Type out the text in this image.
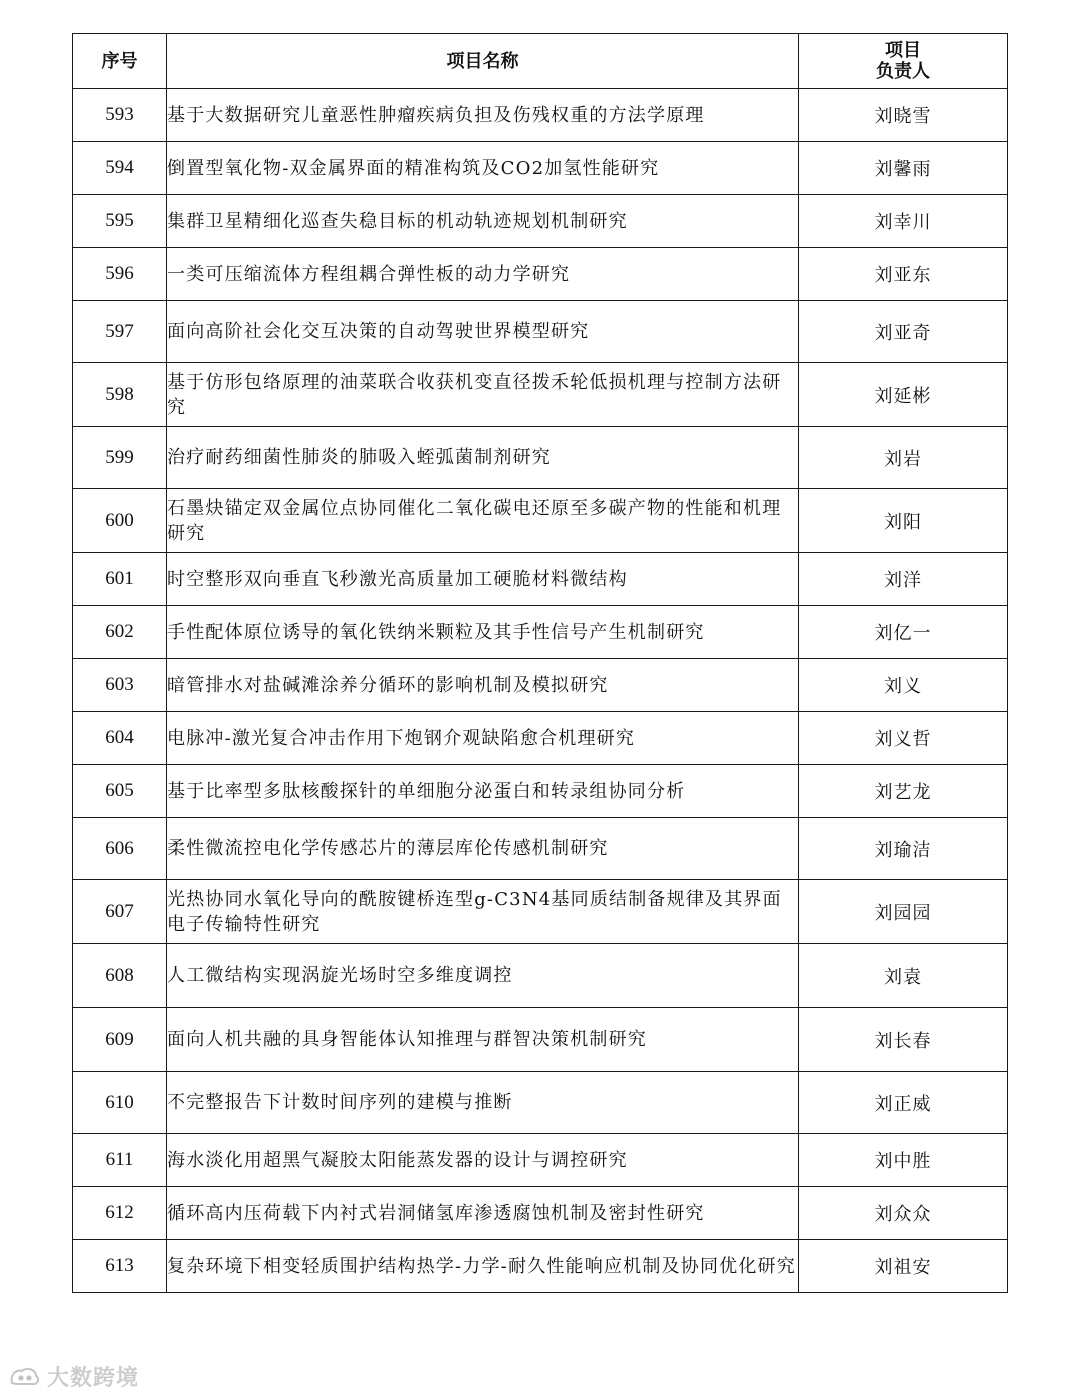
序号	项目名称	项目
负责人

593	基于大数据研究儿童恶性肿瘤疾病负担及伤残权重的方法学原理	刘晓雪
594	倒置型氧化物-双金属界面的精准构筑及CO2加氢性能研究	刘馨雨
595	集群卫星精细化巡查失稳目标的机动轨迹规划机制研究	刘幸川
596	一类可压缩流体方程组耦合弹性板的动力学研究	刘亚东
597	面向高阶社会化交互决策的自动驾驶世界模型研究	刘亚奇
598	基于仿形包络原理的油菜联合收获机变直径拨禾轮低损机理与控制方法研究	刘延彬
599	治疗耐药细菌性肺炎的肺吸入蛭弧菌制剂研究	刘岩
600	石墨炔锚定双金属位点协同催化二氧化碳电还原至多碳产物的性能和机理研究	刘阳
601	时空整形双向垂直飞秒激光高质量加工硬脆材料微结构	刘洋
602	手性配体原位诱导的氧化铁纳米颗粒及其手性信号产生机制研究	刘亿一
603	暗管排水对盐碱滩涂养分循环的影响机制及模拟研究	刘义
604	电脉冲-激光复合冲击作用下炮钢介观缺陷愈合机理研究	刘义哲
605	基于比率型多肽核酸探针的单细胞分泌蛋白和转录组协同分析	刘艺龙
606	柔性微流控电化学传感芯片的薄层库伦传感机制研究	刘瑜洁
607	光热协同水氧化导向的酰胺键桥连型g-C3N4基同质结制备规律及其界面电子传输特性研究	刘园园
608	人工微结构实现涡旋光场时空多维度调控	刘袁
609	面向人机共融的具身智能体认知推理与群智决策机制研究	刘长春
610	不完整报告下计数时间序列的建模与推断	刘正威
611	海水淡化用超黑气凝胶太阳能蒸发器的设计与调控研究	刘中胜
612	循环高内压荷载下内衬式岩洞储氢库渗透腐蚀机制及密封性研究	刘众众
613	复杂环境下相变轻质围护结构热学-力学-耐久性能响应机制及协同优化研究	刘祖安
大数跨境
